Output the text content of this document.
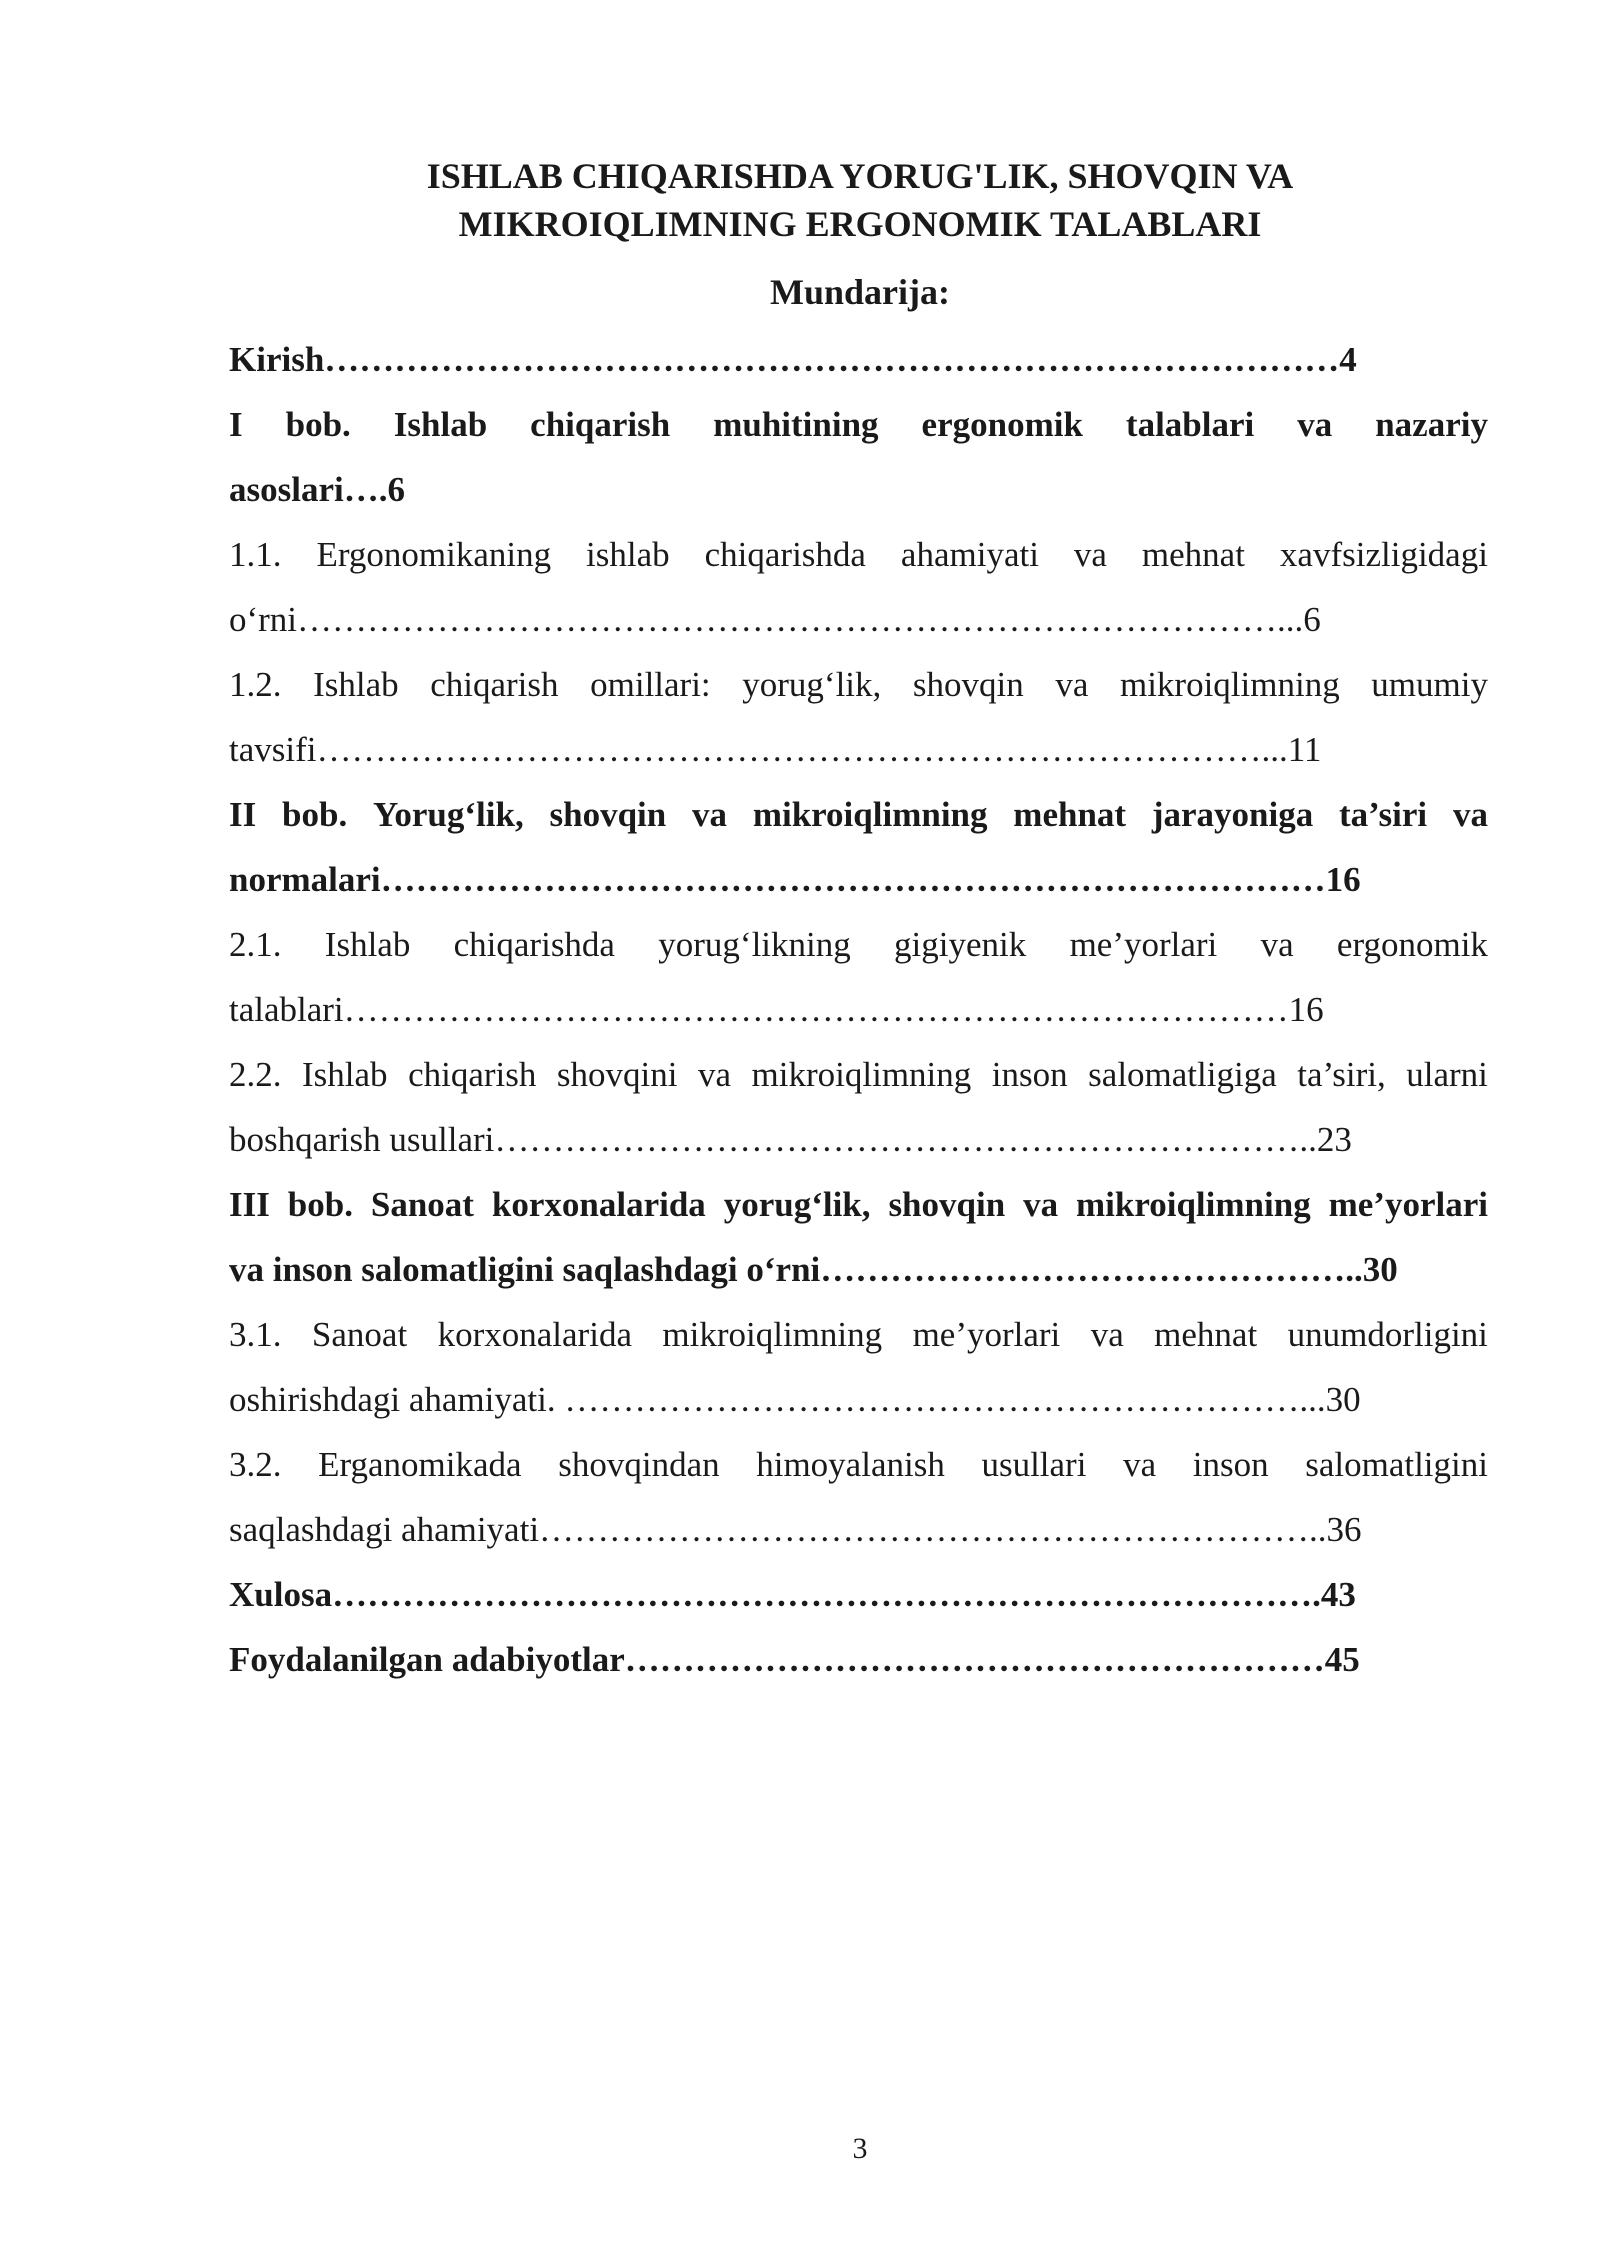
ISHLAB CHIQARISHDA YORUG'LIK, SHOVQIN VA
MIKROIQLIMNING ERGONOMIK TALABLARI
Mundarija:
Kirish……………………………………………………………………………4
I bob. Ishlab chiqarish muhitining ergonomik talablari va nazariy
asoslari….6
1.1. Ergonomikaning ishlab chiqarishda ahamiyati va mehnat xavfsizligidagi
o‘rni…………………………………………………………………………...6
1.2. Ishlab chiqarish omillari: yorug‘lik, shovqin va mikroiqlimning umumiy
tavsifi………………………………………………………………………...11
II bob. Yorug‘lik, shovqin va mikroiqlimning mehnat jarayoniga ta’siri va
normalari………………………………………………………………………16
2.1. Ishlab chiqarishda yorug‘likning gigiyenik me’yorlari va ergonomik
talablari………………………………………………………………………16
2.2. Ishlab chiqarish shovqini va mikroiqlimning inson salomatligiga ta’siri, ularni
boshqarish usullari……………………………………………………………..23
III bob. Sanoat korxonalarida yorug‘lik, shovqin va mikroiqlimning me’yorlari
va inson salomatligini saqlashdagi o‘rni………………………………………..30
3.1. Sanoat korxonalarida mikroiqlimning me’yorlari va mehnat unumdorligini
oshirishdagi ahamiyati. ………………………………………………………...30
3.2. Erganomikada shovqindan himoyalanish usullari va inson salomatligini
saqlashdagi ahamiyati…………………………………………………………..36
Xulosa………………………………………………………………………….43
Foydalanilgan adabiyotlar……………………………………………………45
3
